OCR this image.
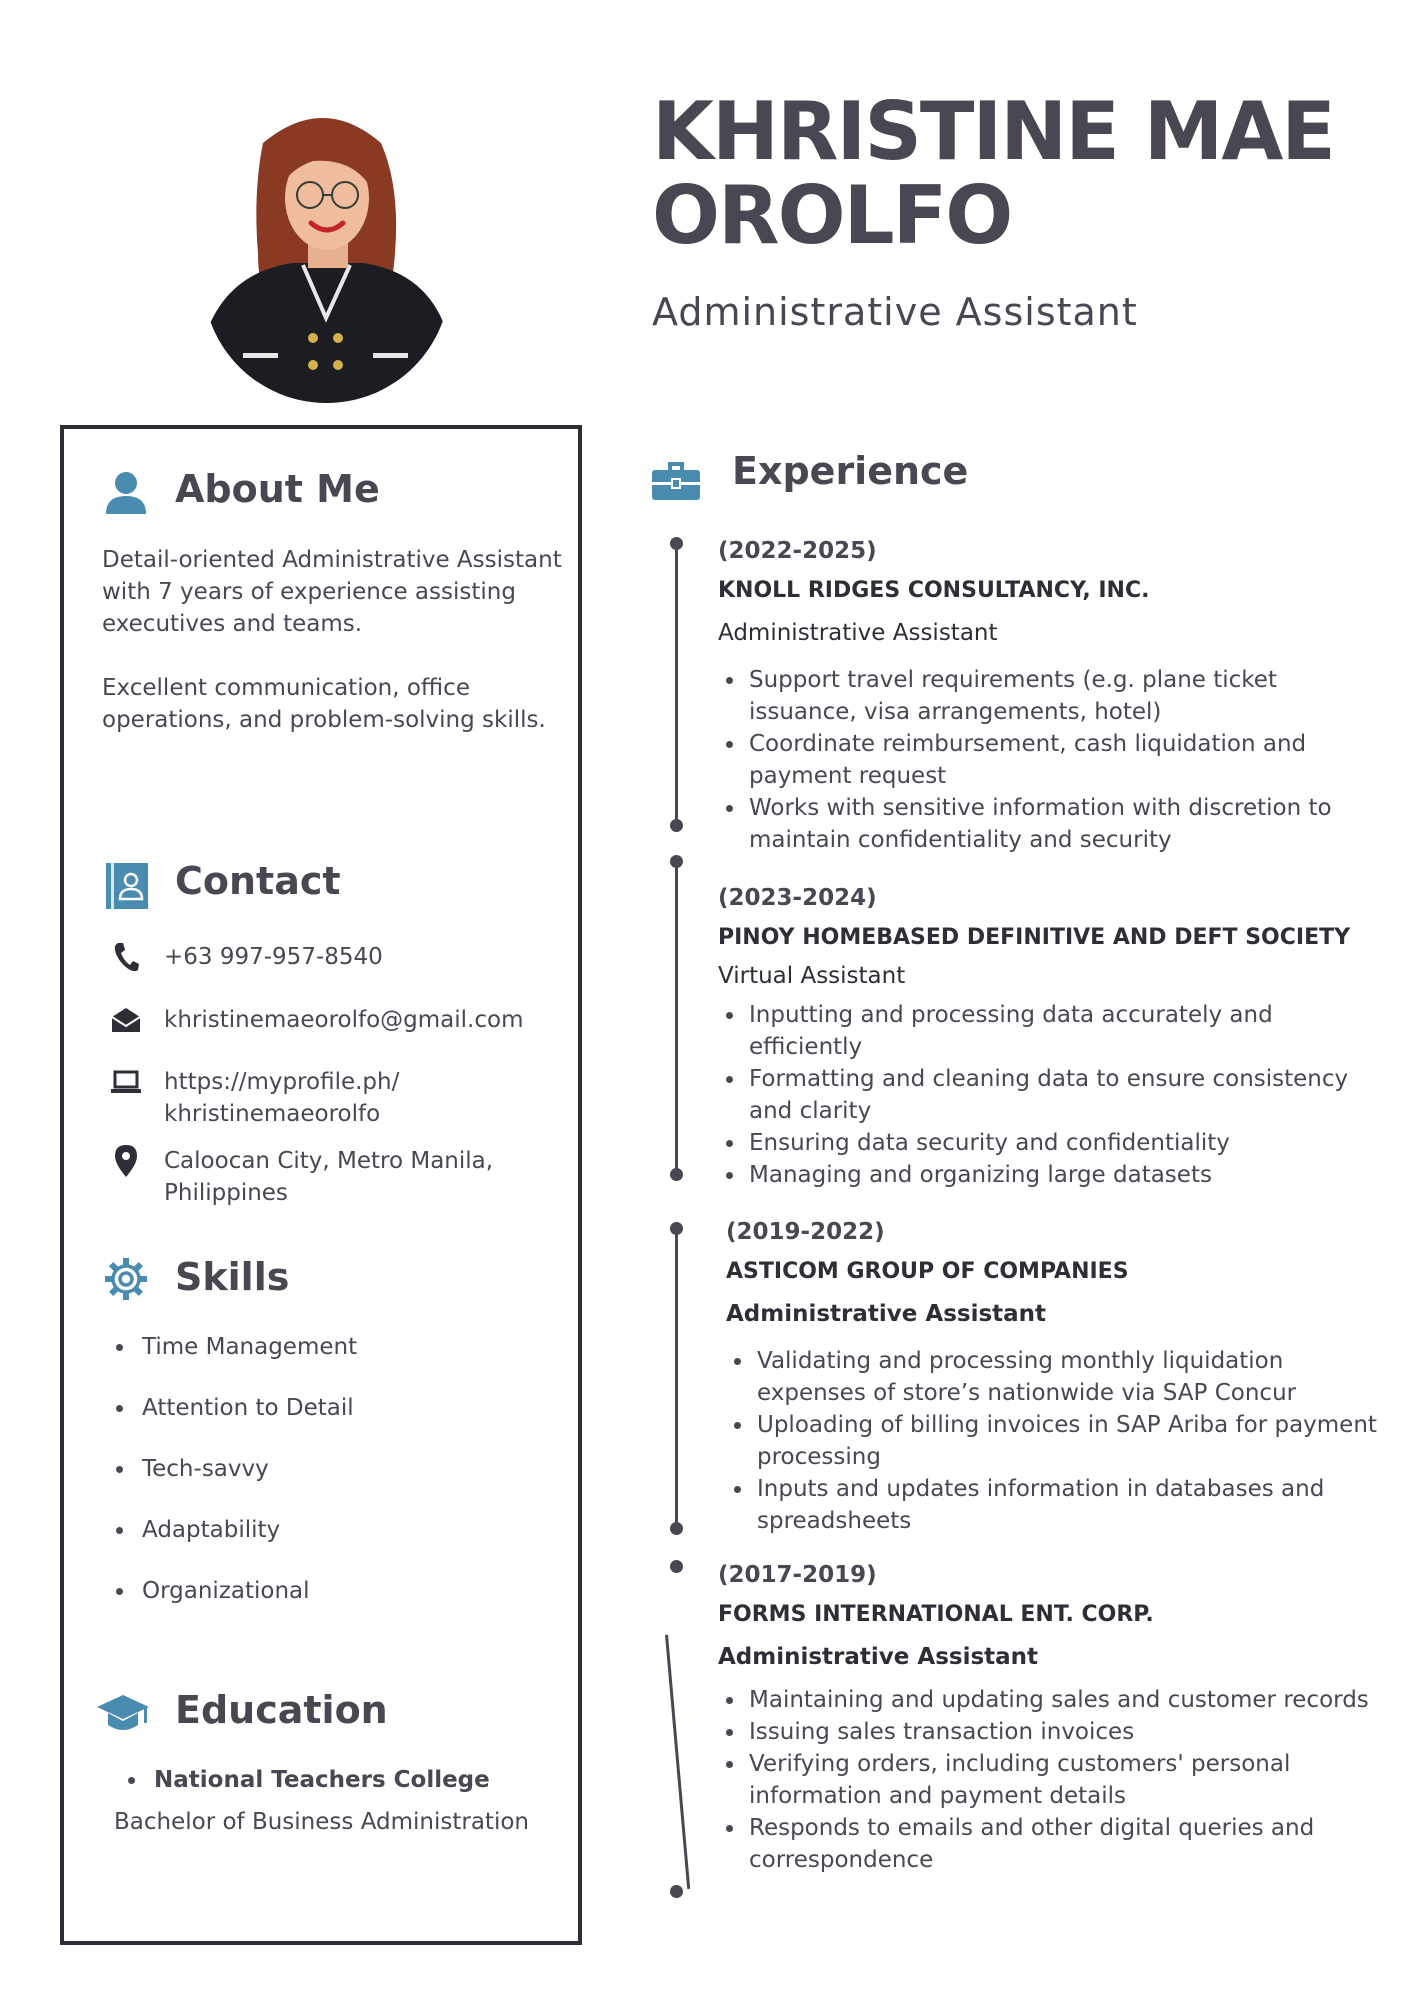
KHRISTINE MAE
OROLFO
Administrative Assistant
About Me

Detail-oriented Administrative Assistant with 7 years of experience assisting executives and teams.

Excellent communication, office operations, and problem-solving skills.

Contact
+63 997-957-8540
khristinemaeorolfo@gmail.com
https://myprofile.ph/
khristinemaeorolfo
Caloocan City, Metro Manila,
Philippines
Skills
Time Management
Attention to Detail
Tech-savvy
Adaptability
Organizational
Education
National Teachers College
Bachelor of Business Administration
Experience
(2022-2025)
KNOLL RIDGES CONSULTANCY, INC.
Administrative Assistant
Support travel requirements (e.g. plane ticket issuance, visa arrangements, hotel)
Coordinate reimbursement, cash liquidation and payment request
Works with sensitive information with discretion to maintain confidentiality and security
(2023-2024)
PINOY HOMEBASED DEFINITIVE AND DEFT SOCIETY
Virtual Assistant
Inputting and processing data accurately and efficiently
Formatting and cleaning data to ensure consistency and clarity
Ensuring data security and confidentiality
Managing and organizing large datasets
(2019-2022)
ASTICOM GROUP OF COMPANIES
Administrative Assistant
Validating and processing monthly liquidation expenses of store’s nationwide via SAP Concur
Uploading of billing invoices in SAP Ariba for payment processing
Inputs and updates information in databases and spreadsheets
(2017-2019)
FORMS INTERNATIONAL ENT. CORP.
Administrative Assistant
Maintaining and updating sales and customer records
Issuing sales transaction invoices
Verifying orders, including customers' personal information and payment details
Responds to emails and other digital queries and correspondence
